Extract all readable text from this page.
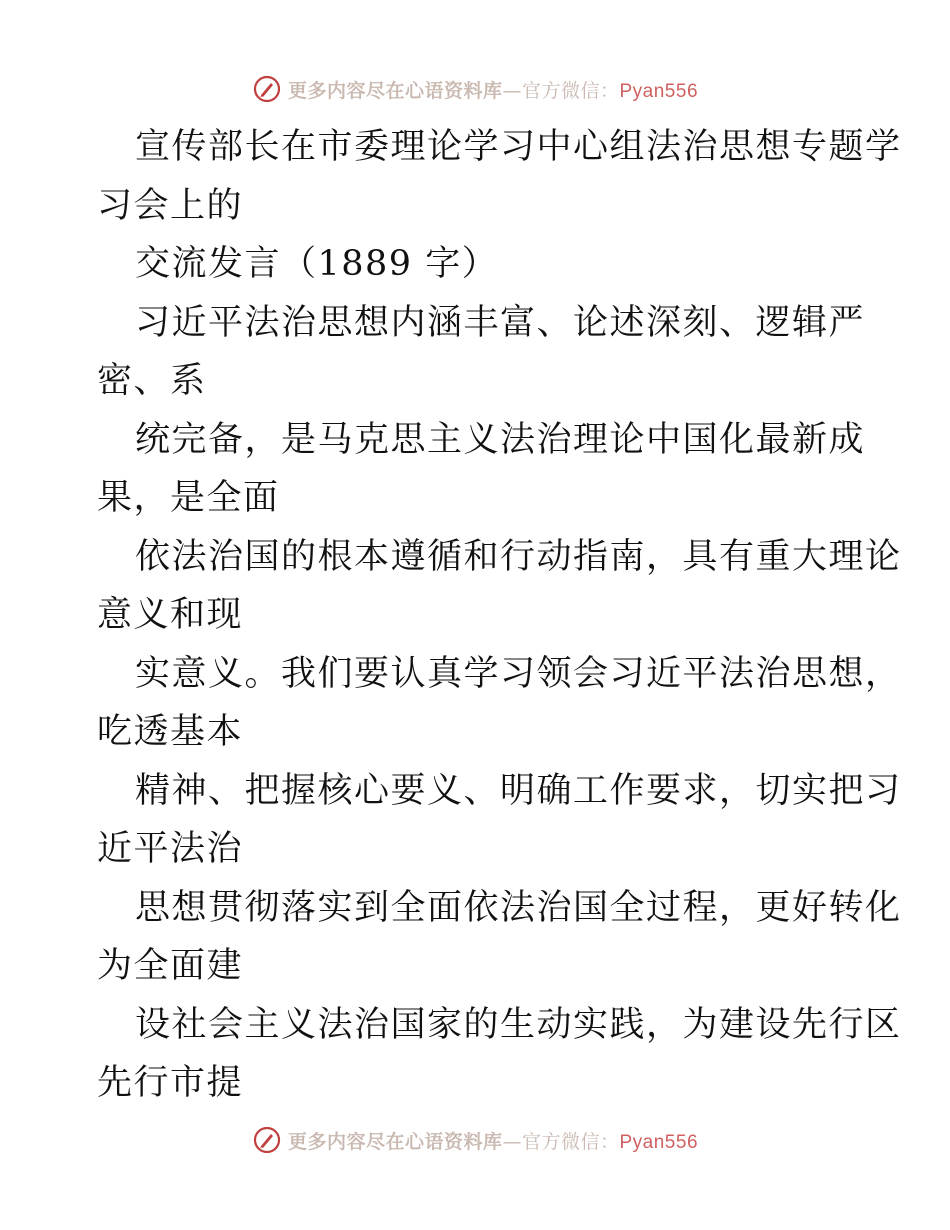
更多内容尽在心语资料库—官方微信：Pyan556
宣传部长在市委理论学习中心组法治思想专题学
习会上的
交流发言（1889 字）
习近平法治思想内涵丰富、论述深刻、逻辑严
密、系
统完备，是马克思主义法治理论中国化最新成
果，是全面
依法治国的根本遵循和行动指南，具有重大理论
意义和现
实意义。我们要认真学习领会习近平法治思想，
吃透基本
精神、把握核心要义、明确工作要求，切实把习
近平法治
思想贯彻落实到全面依法治国全过程，更好转化
为全面建
设社会主义法治国家的生动实践，为建设先行区
先行市提
更多内容尽在心语资料库—官方微信：Pyan556
